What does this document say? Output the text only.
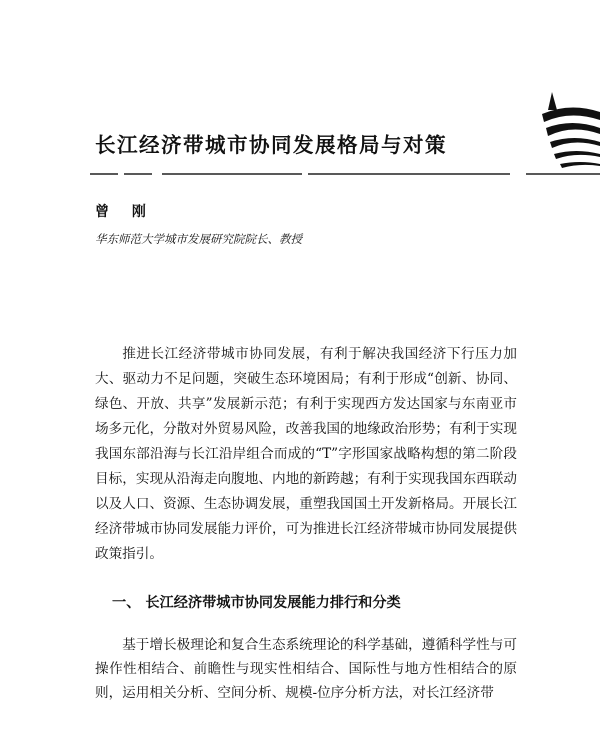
长江经济带城市协同发展格局与对策
曾 刚
华东师范大学城市发展研究院院长、教授

推进长江经济带城市协同发展，有利于解决我国经济下行压力加大、驱动力不足问题，突破生态环境困局；有利于形成“创新、协同、绿色、开放、共享”发展新示范；有利于实现西方发达国家与东南亚市场多元化，分散对外贸易风险，改善我国的地缘政治形势；有利于实现我国东部沿海与长江沿岸组合而成的“T”字形国家战略构想的第二阶段目标，实现从沿海走向腹地、内地的新跨越；有利于实现我国东西联动以及人口、资源、生态协调发展，重塑我国国土开发新格局。开展长江经济带城市协同发展能力评价，可为推进长江经济带城市协同发展提供政策指引。

一、 长江经济带城市协同发展能力排行和分类

基于增长极理论和复合生态系统理论的科学基础，遵循科学性与可操作性相结合、前瞻性与现实性相结合、国际性与地方性相结合的原则，运用相关分析、空间分析、规模-位序分析方法，对长江经济带
